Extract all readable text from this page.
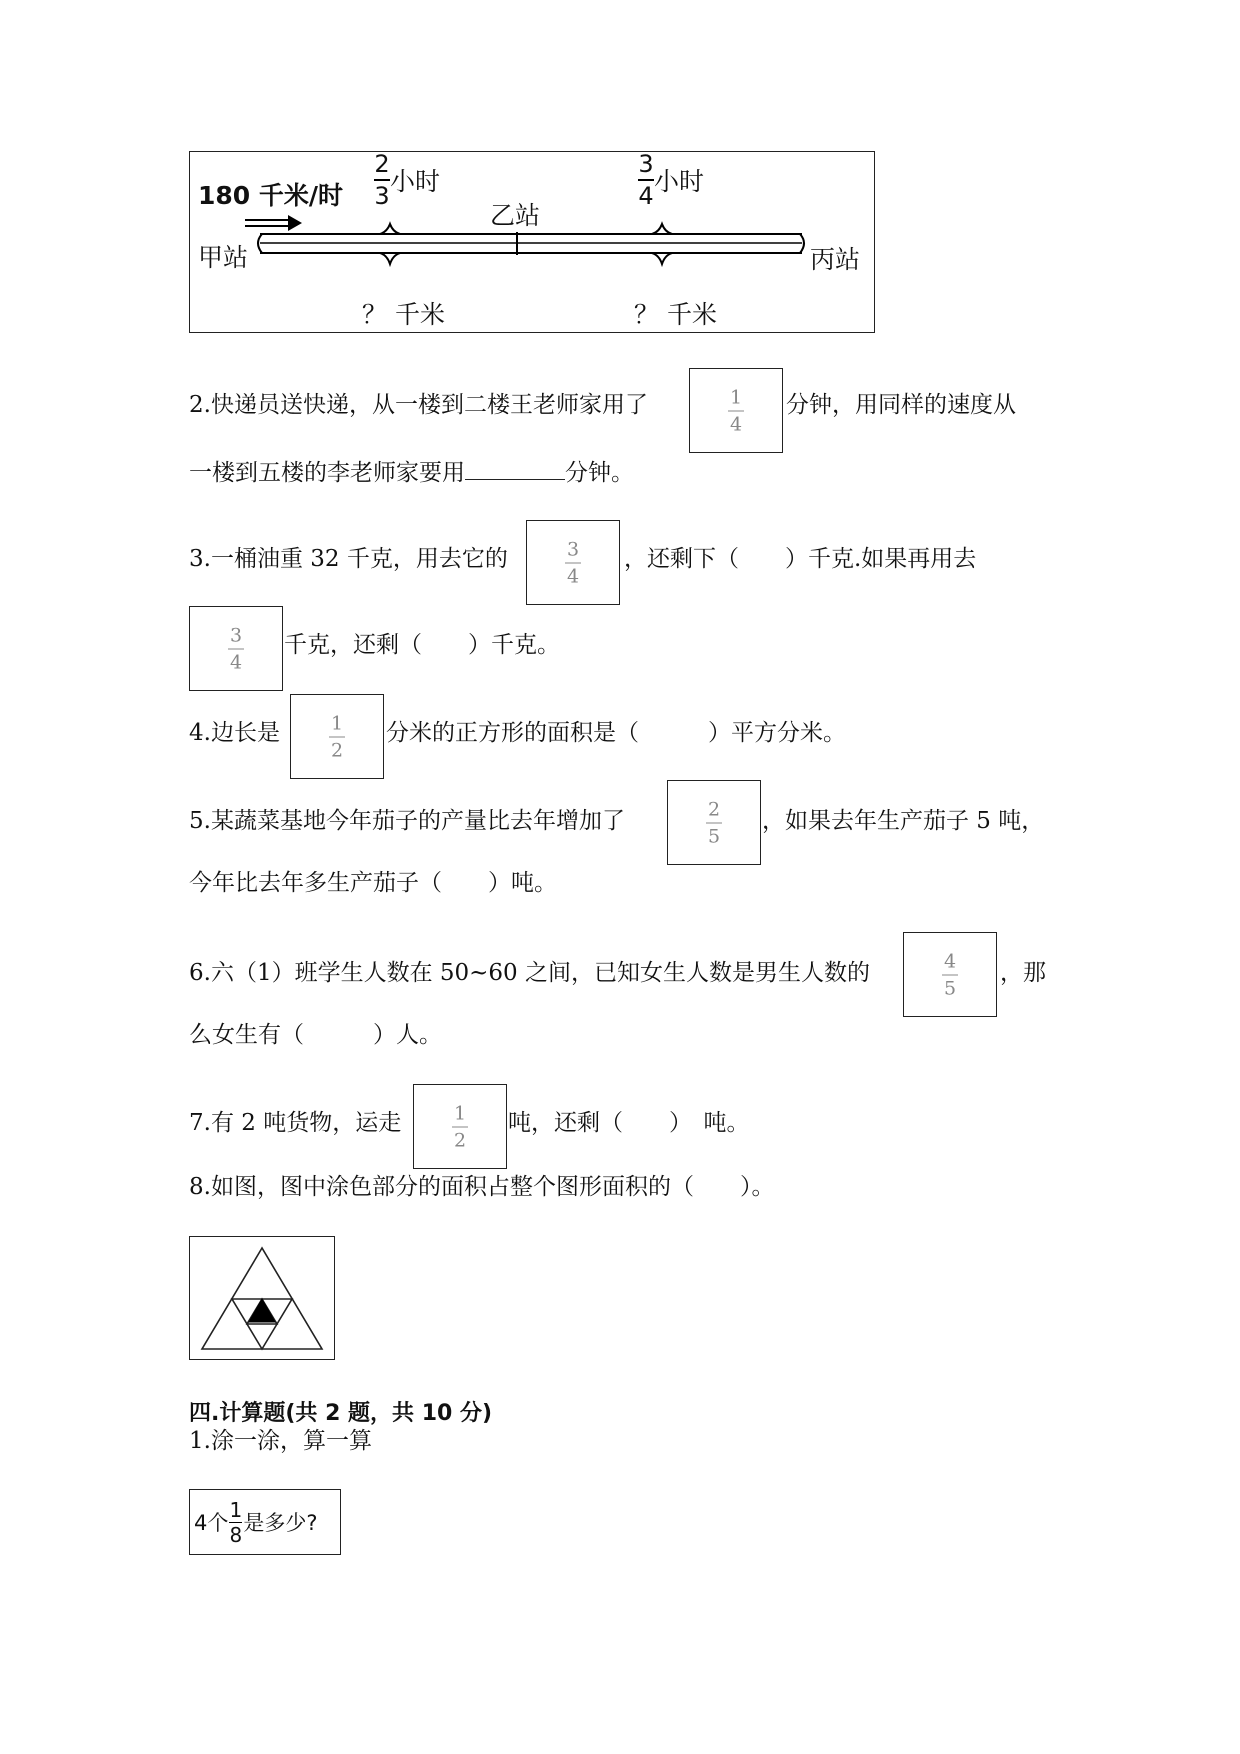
180 千米/时
2
3 小时
3
4 小时
甲站
乙站
丙站
？ 千米	？ 千米
2.快递员送快递，从一楼到二楼王老师家用了	1
4
分钟，用同样的速度从
一楼到五楼的李老师家要用	分钟。
3.一桶油重 32 千克，用去它的	3
4
，还剩下（　　）千克.如果再用去
3
4
千克，还剩（　　）千克。
4.边长是	1
2
分米的正方形的面积是（　　　）平方分米。
5.某蔬菜基地今年茄子的产量比去年增加了	2
5
，如果去年生产茄子 5 吨，
今年比去年多生产茄子（　　）吨。
6.六（1）班学生人数在 50~60 之间，已知女生人数是男生人数的	4
5
，那
么女生有（　　　）人。
7.有 2 吨货物，运走	1
2
吨，还剩（　　）　吨。
8.如图，图中涂色部分的面积占整个图形面积的（　　）。
四.计算题(共 2 题，共 10 分)
1.涂一涂，算一算
4个
1
8 是多少?
